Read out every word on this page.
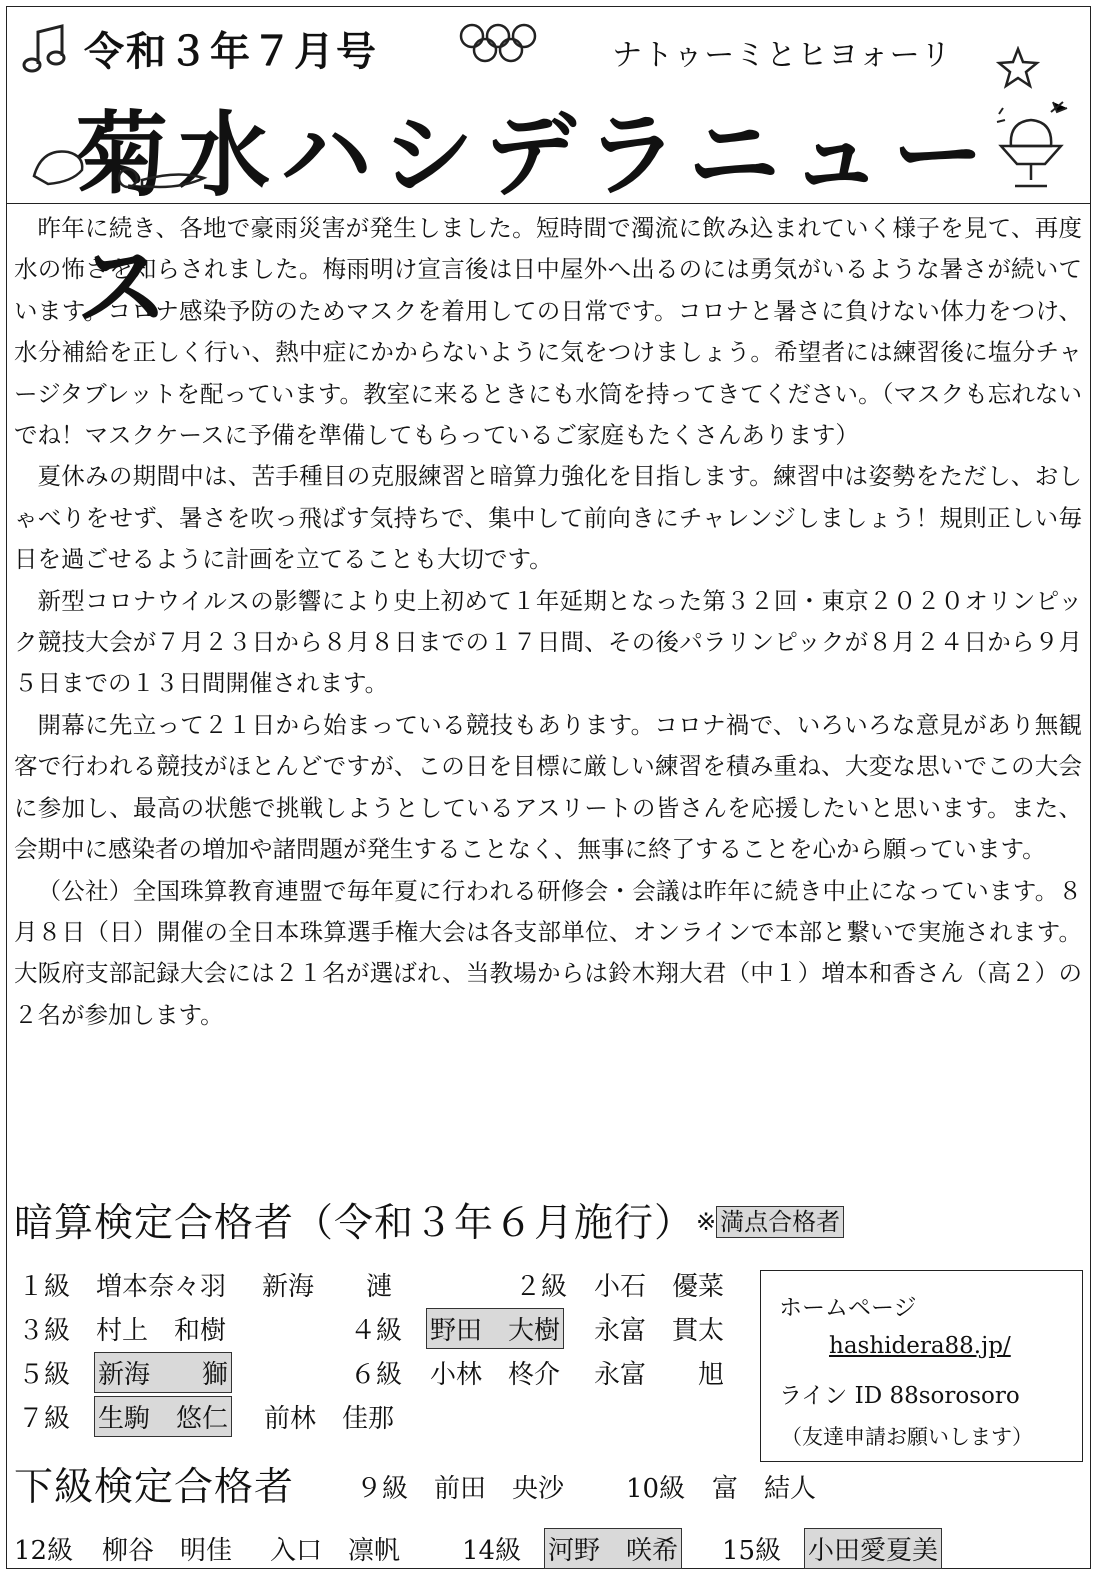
令和３年７月号	ナトゥーミとヒヨォーリ
菊水ハシデラニュース

昨年に続き、各地で豪雨災害が発生しました。短時間で濁流に飲み込まれていく様子を見て、再度水の怖さを知らされました。梅雨明け宣言後は日中屋外へ出るのには勇気がいるような暑さが続いています。コロナ感染予防のためマスクを着用しての日常です。コロナと暑さに負けない体力をつけ、水分補給を正しく行い、熱中症にかからないように気をつけましょう。希望者には練習後に塩分チャージタブレットを配っています。教室に来るときにも水筒を持ってきてください。（マスクも忘れないでね！マスクケースに予備を準備してもらっているご家庭もたくさんあります）

夏休みの期間中は、苦手種目の克服練習と暗算力強化を目指します。練習中は姿勢をただし、おしゃべりをせず、暑さを吹っ飛ばす気持ちで、集中して前向きにチャレンジしましょう！規則正しい毎日を過ごせるように計画を立てることも大切です。

新型コロナウイルスの影響により史上初めて１年延期となった第３２回・東京２０２０オリンピック競技大会が７月２３日から８月８日までの１７日間、その後パラリンピックが８月２４日から９月５日までの１３日間開催されます。

開幕に先立って２１日から始まっている競技もあります。コロナ禍で、いろいろな意見があり無観客で行われる競技がほとんどですが、この日を目標に厳しい練習を積み重ね、大変な思いでこの大会に参加し、最高の状態で挑戦しようとしているアスリートの皆さんを応援したいと思います。また、会期中に感染者の増加や諸問題が発生することなく、無事に終了することを心から願っています。

（公社）全国珠算教育連盟で毎年夏に行われる研修会・会議は昨年に続き中止になっています。８月８日（日）開催の全日本珠算選手権大会は各支部単位、オンラインで本部と繋いで実施されます。大阪府支部記録大会には２１名が選ばれ、当教場からは鈴木翔大君（中１）増本和香さん（高２）の２名が参加します。

暗算検定合格者（令和３年６月施行） ※ 満点合格者
１級 増本奈々羽 新海　　漣	２級 小石　優菜
３級 村上　和樹	４級 野田　大樹 永富　貫太
５級 新海　　獅	６級 小林　柊介 永富　　旭
７級 生駒　悠仁 前林　佳那
ホームページ
hashidera88.jp/
ライン ID 88sorosoro
（友達申請お願いします）
下級検定合格者 ９級 前田　央沙 10級 富　結人
12級 柳谷　明佳 入口　凛帆 14級 河野　咲希 15級 小田愛夏美
